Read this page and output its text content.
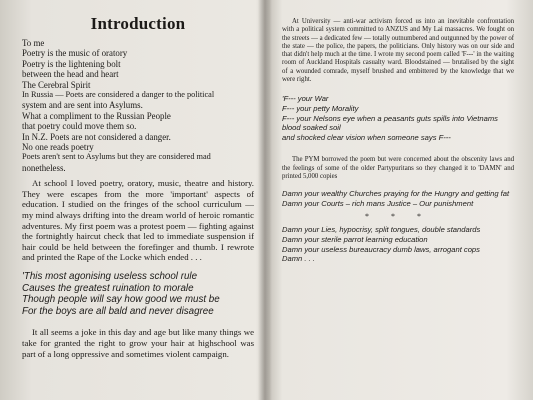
Introduction
To me
Poetry is the music of oratory
Poetry is the lightening bolt
between the head and heart
The Cerebral Spirit
In Russia — Poets are considered a danger to the political
system and are sent into Asylums.
What a compliment to the Russian People
that poetry could move them so.
In N.Z. Poets are not considered a danger.
No one reads poetry
Poets aren't sent to Asylums but they are considered mad
nonetheless.
At school I loved poetry, oratory, music, theatre and history. They were escapes from the more 'important' aspects of education. I studied on the fringes of the school curriculum — my mind always drifting into the dream world of heroic romantic adventures. My first poem was a protest poem — fighting against the fortnightly haircut check that led to immediate suspension if hair could be held between the forefinger and thumb. I rewrote and printed the Rape of the Locke which ended . . .
'This most agonising useless school rule
Causes the greatest ruination to morale
Though people will say how good we must be
For the boys are all bald and never disagree
It all seems a joke in this day and age but like many things we take for granted the right to grow your hair at highschool was part of a long oppressive and sometimes violent campaign.
At University — anti-war activism forced us into an inevitable confrontation with a political system committed to ANZUS and My Lai massacres. We fought on the streets — a dedicated few — totally outnumbered and outgunned by the power of the state — the police, the papers, the politicians. Only history was on our side and that didn't help much at the time. I wrote my second poem called 'F---' in the waiting room of Auckland Hospitals casualty ward. Bloodstained — brutalised by the sight of a wounded comrade, myself brushed and embittered by the knowledge that we were right.
'F--- your War
F--- your petty Morality
F--- your Nelsons eye when a peasants guts spills into Vietnams blood soaked soil
and shocked clear vision when someone says F---
The PYM borrowed the poem but were concerned about the obscenity laws and the feelings of some of the older Partypuritans so they changed it to 'DAMN' and printed 5,000 copies
Damn your wealthy Churches praying for the Hungry and getting fat
Damn your Courts – rich mans Justice – Our punishment
* * *
Damn your Lies, hypocrisy, split tongues, double standards
Damn your sterile parrot learning education
Damn your useless bureaucracy dumb laws, arrogant cops
Damn . . .
